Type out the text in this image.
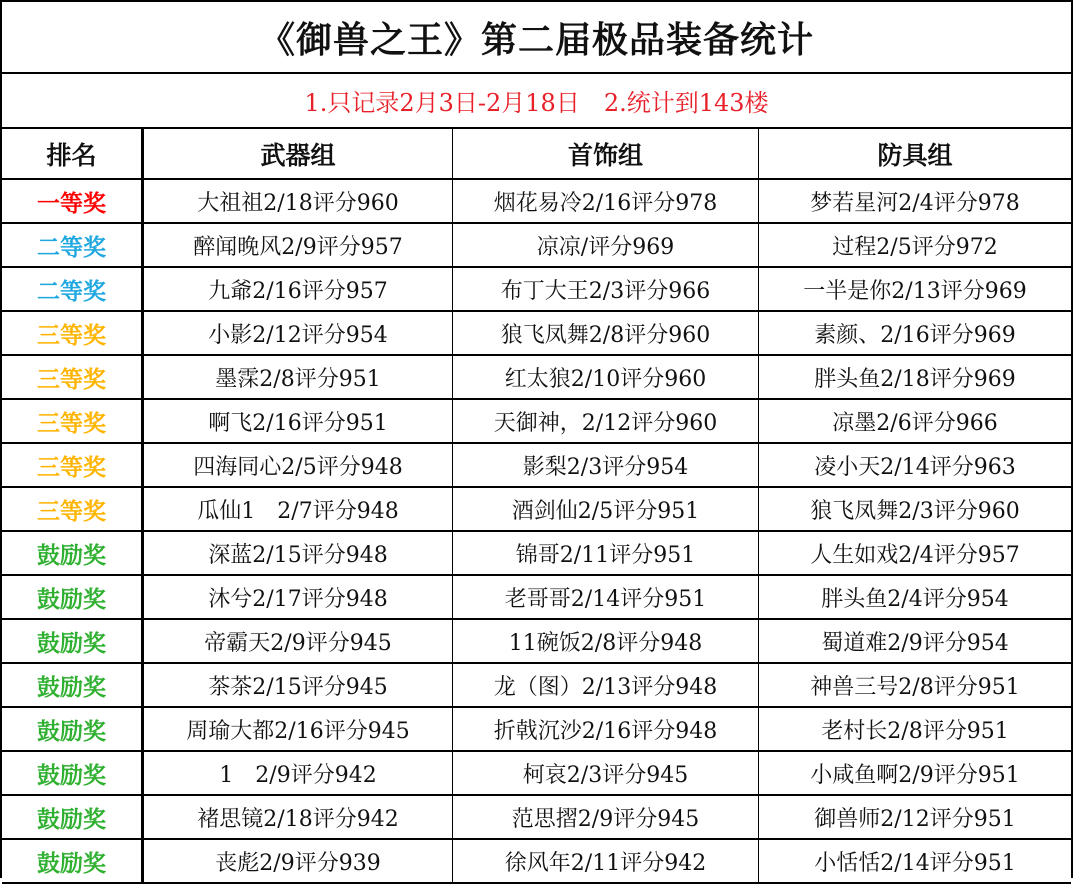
《御兽之王》第二届极品装备统计
1.只记录2月3日-2月18日　2.统计到143楼
排名	武器组	首饰组	防具组
一等奖	大祖祖2/18评分960	烟花易冷2/16评分978	梦若星河2/4评分978
二等奖	醉闻晚风2/9评分957	凉凉/评分969	过程2/5评分972
二等奖	九爺2/16评分957	布丁大王2/3评分966	一半是你2/13评分969
三等奖	小影2/12评分954	狼飞凤舞2/8评分960	素颜、2/16评分969
三等奖	墨霂2/8评分951	红太狼2/10评分960	胖头鱼2/18评分969
三等奖	啊飞2/16评分951	天御神，2/12评分960	凉墨2/6评分966
三等奖	四海同心2/5评分948	影梨2/3评分954	凌小天2/14评分963
三等奖	瓜仙1　2/7评分948	酒剑仙2/5评分951	狼飞凤舞2/3评分960
鼓励奖	深蓝2/15评分948	锦哥2/11评分951	人生如戏2/4评分957
鼓励奖	沐兮2/17评分948	老哥哥2/14评分951	胖头鱼2/4评分954
鼓励奖	帝霸天2/9评分945	11碗饭2/8评分948	蜀道难2/9评分954
鼓励奖	茶茶2/15评分945	龙（图）2/13评分948	神兽三号2/8评分951
鼓励奖	周瑜大都2/16评分945	折戟沉沙2/16评分948	老村长2/8评分951
鼓励奖	1　2/9评分942	柯哀2/3评分945	小咸鱼啊2/9评分951
鼓励奖	褚思镜2/18评分942	范思摺2/9评分945	御兽师2/12评分951
鼓励奖	丧彪2/9评分939	徐风年2/11评分942	小恬恬2/14评分951
